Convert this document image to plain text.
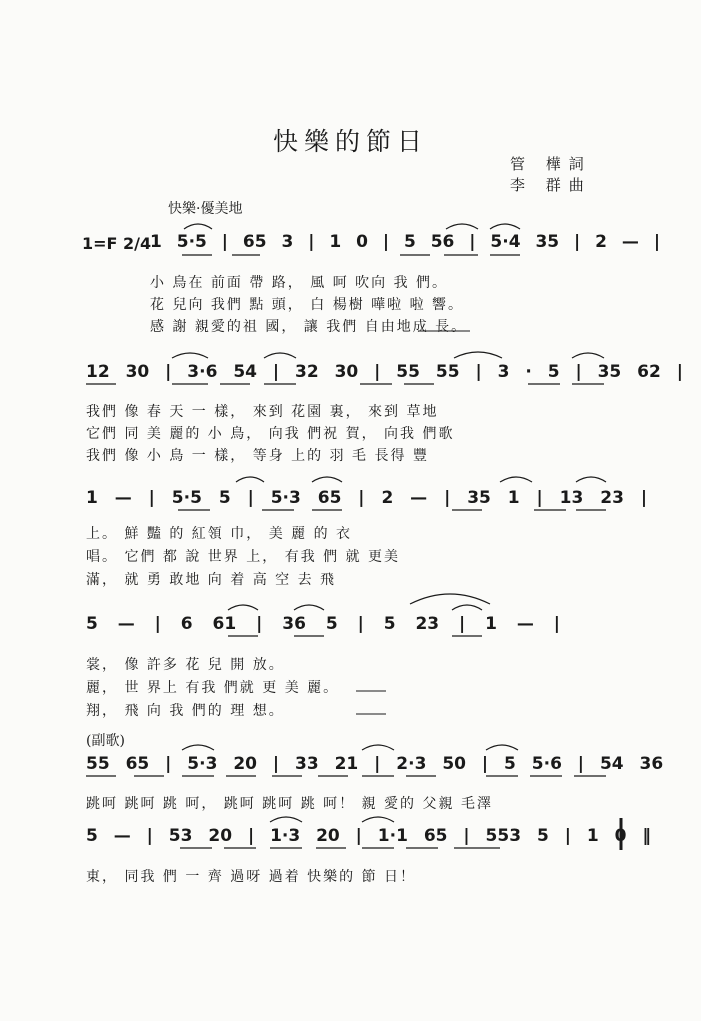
快樂的節日
管 樺詞
李 群曲
快樂·優美地
1=F 2/4
1 5·5 | 65 3 | 1 0 | 5 56 | 5·4 35 | 2 — |
小 鳥在 前面 帶 路， 風 呵 吹向 我 們。
花 兒向 我們 點 頭， 白 楊樹 嘩啦 啦 響。
感 謝 親愛的祖 國， 讓 我們 自由地成 長。
12 30 | 3·6 54 | 32 30 | 55 55 | 3 · 5 | 35 62 |
我們 像 春 天 一 樣， 來到 花園 裏， 來到 草地
它們 同 美 麗的 小 鳥， 向我 們祝 賀， 向我 們歌
我們 像 小 鳥 一 樣， 等身 上的 羽 毛 長得 豐
1 — | 5·5 5 | 5·3 65 | 2 — | 35 1 | 13 23 |
上。 鮮 豔 的 紅領 巾， 美 麗 的 衣
唱。 它們 都 說 世界 上， 有我 們 就 更美
滿， 就 勇 敢地 向 着 高 空 去 飛
5 — | 6 61 | 36 5 | 5 23 | 1 — |
裳， 像 許多 花 兒 開 放。
麗， 世 界上 有我 們就 更 美 麗。
翔， 飛 向 我 們的 理 想。
(副歌)
55 65 | 5·3 20 | 33 21 | 2·3 50 | 5 5·6 | 54 36
跳呵 跳呵 跳 呵， 跳呵 跳呵 跳 呵！ 親 愛的 父親 毛澤
5 — | 53 20 | 1·3 20 | 1·1 65 | 553 5 | 1 0 ‖
東， 同我 們 一 齊 過呀 過着 快樂的 節 日！
